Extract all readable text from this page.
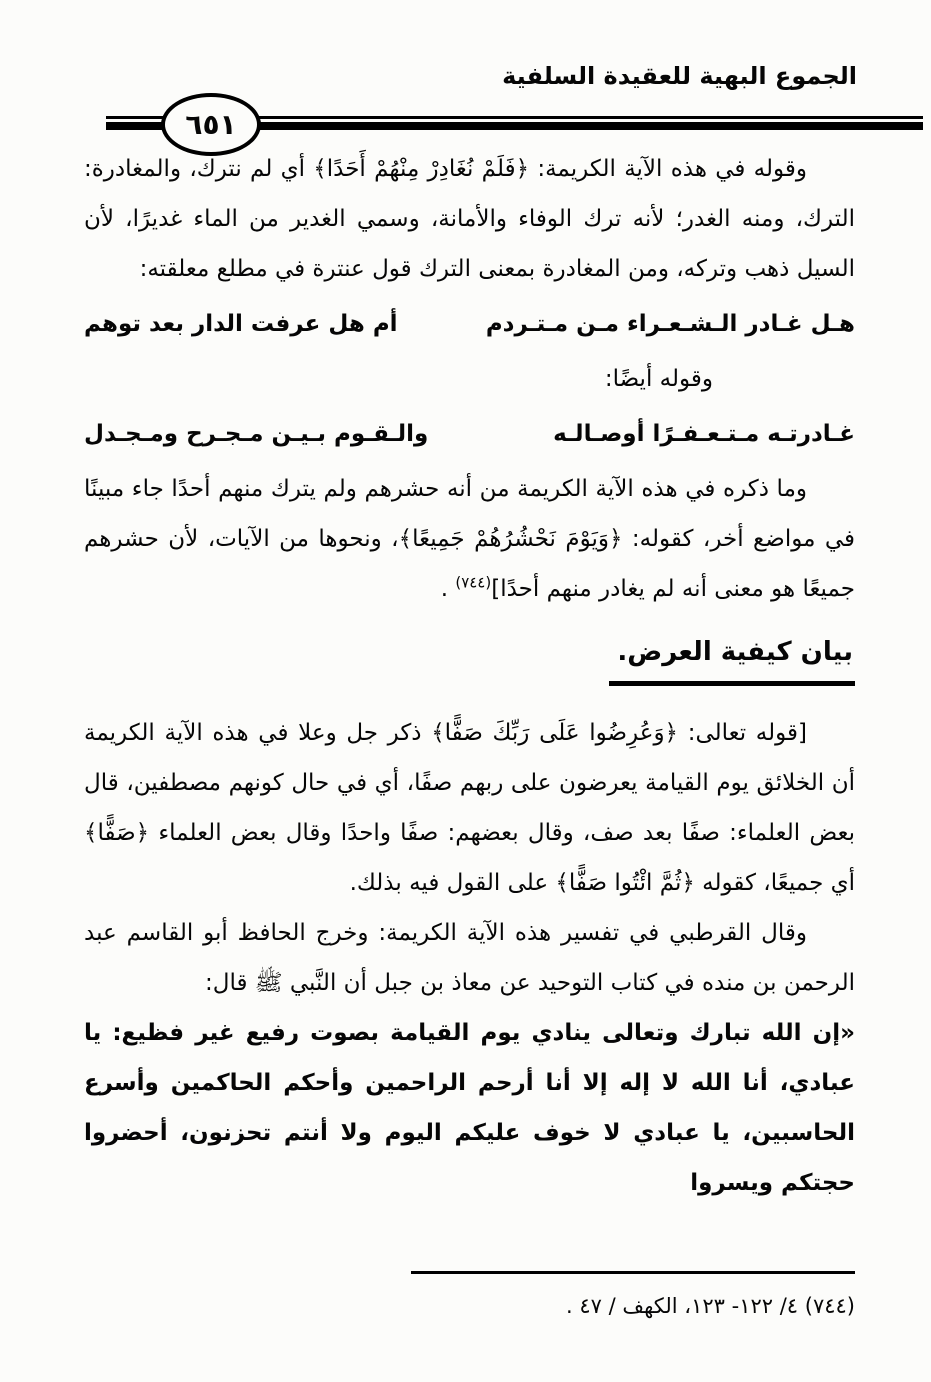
الجموع البهية للعقيدة السلفية
٦٥١

وقوله في هذه الآية الكريمة: ﴿فَلَمْ نُغَادِرْ مِنْهُمْ أَحَدًا﴾ أي لم نترك، والمغادرة: الترك، ومنه الغدر؛ لأنه ترك الوفاء والأمانة، وسمي الغدير من الماء غديرًا، لأن السيل ذهب وتركه، ومن المغادرة بمعنى الترك قول عنترة في مطلع معلقته:

هـل غـادر الـشـعـراء مـن مـتـردم
أم هل عرفت الدار بعد توهم

وقوله أيضًا:

غـادرتـه مـتـعـفـرًا أوصـالـه
والـقـوم بـيـن مـجـرح ومـجـدل

وما ذكره في هذه الآية الكريمة من أنه حشرهم ولم يترك منهم أحدًا جاء مبينًا في مواضع أخر، كقوله: ﴿وَيَوْمَ نَحْشُرُهُمْ جَمِيعًا﴾، ونحوها من الآيات، لأن حشرهم جميعًا هو معنى أنه لم يغادر منهم أحدًا]$^{(٧٤٤)}$ .

بيان كيفية العرض.

[قوله تعالى: ﴿وَعُرِضُوا عَلَى رَبِّكَ صَفًّا﴾ ذكر جل وعلا في هذه الآية الكريمة أن الخلائق يوم القيامة يعرضون على ربهم صفًا، أي في حال كونهم مصطفين، قال بعض العلماء: صفًا بعد صف، وقال بعضهم: صفًا واحدًا وقال بعض العلماء ﴿صَفًّا﴾ أي جميعًا، كقوله ﴿ثُمَّ ائْتُوا صَفًّا﴾ على القول فيه بذلك.

وقال القرطبي في تفسير هذه الآية الكريمة: وخرج الحافظ أبو القاسم عبد الرحمن بن منده في كتاب التوحيد عن معاذ بن جبل أن النَّبي ﷺ قال:

«إن الله تبارك وتعالى ينادي يوم القيامة بصوت رفيع غير فظيع: يا عبادي، أنا الله لا إله إلا أنا أرحم الراحمين وأحكم الحاكمين وأسرع الحاسبين، يا عبادي لا خوف عليكم اليوم ولا أنتم تحزنون، أحضروا حجتكم ويسروا

(٧٤٤) ٤/ ١٢٢- ١٢٣، الكهف / ٤٧ .
